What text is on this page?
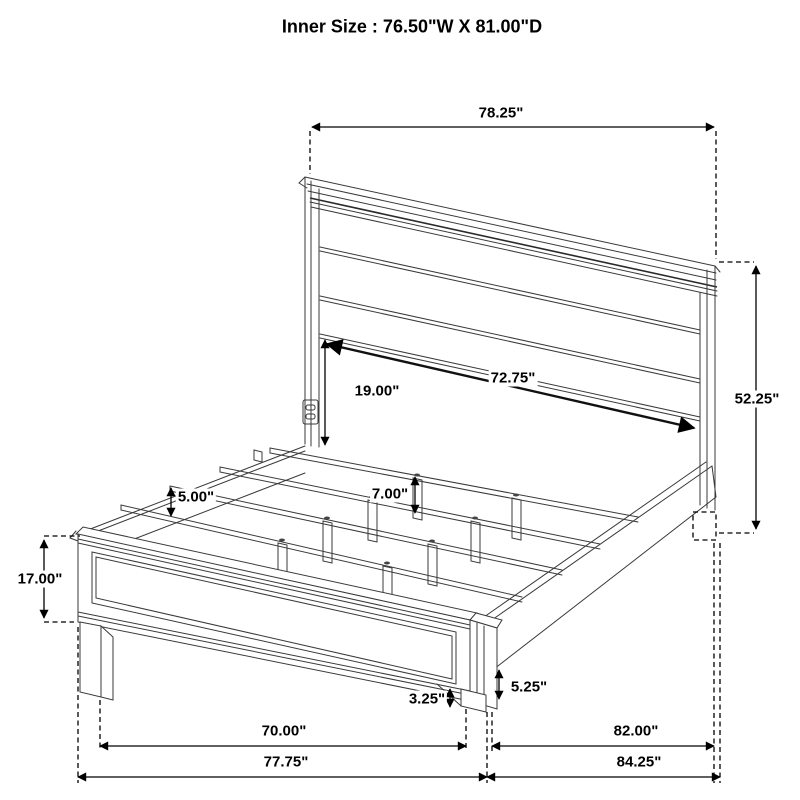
Inner Size : 76.50"W X 81.00"D
78.25"
72.75"
19.00"	52.25"
5.00"	7.00"
17.00"
3.25"
5.25"
70.00"	82.00"
77.75"	84.25"
